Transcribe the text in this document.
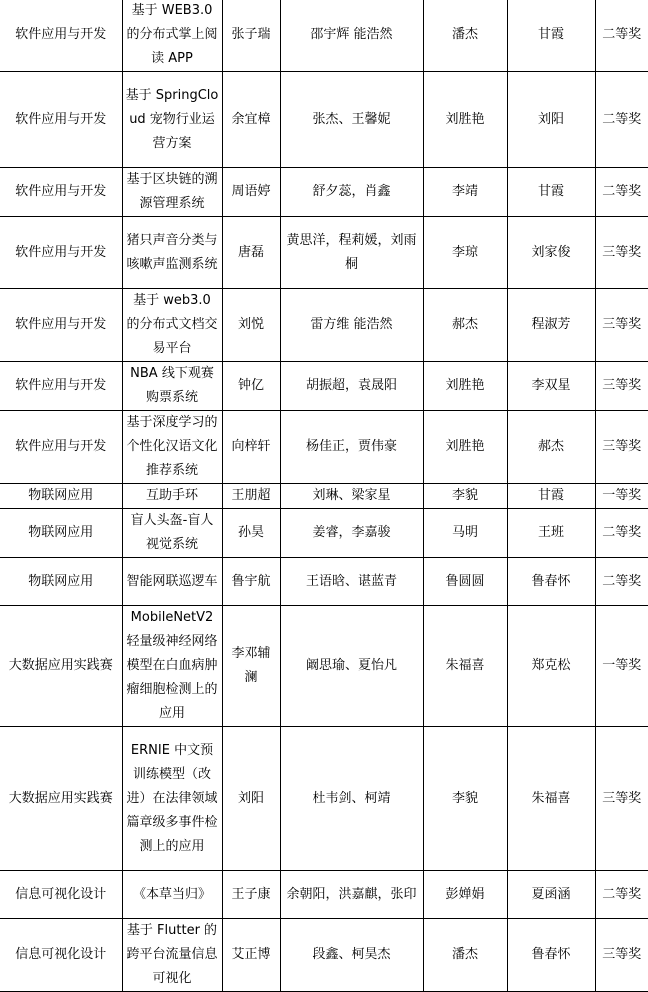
软件应用与开发	基于 WEB3.0 的分布式掌上阅读 APP	张子瑞	邵宇辉 能浩然	潘杰	甘霞	二等奖
软件应用与开发	基于 SpringCloud 宠物行业运营方案	余宜樟	张杰、王馨妮	刘胜艳	刘阳	二等奖
软件应用与开发	基于区块链的溯源管理系统	周语婷	舒夕蕊，肖鑫	李靖	甘霞	二等奖
软件应用与开发	猪只声音分类与咳嗽声监测系统	唐磊	黄思洋，程莉媛，刘雨桐	李琼	刘家俊	三等奖
软件应用与开发	基于 web3.0 的分布式文档交易平台	刘悦	雷方维 能浩然	郝杰	程淑芳	三等奖
软件应用与开发	NBA 线下观赛购票系统	钟亿	胡振超，袁晟阳	刘胜艳	李双星	三等奖
软件应用与开发	基于深度学习的个性化汉语文化推荐系统	向梓轩	杨佳正，贾伟豪	刘胜艳	郝杰	三等奖
物联网应用	互助手环	王朋超	刘琳、梁家星	李貌	甘霞	一等奖
物联网应用	盲人头盔-盲人视觉系统	孙昊	姜睿，李嘉骏	马明	王班	二等奖
物联网应用	智能网联巡逻车	鲁宇航	王语晗、谌蓝青	鲁圆圆	鲁春怀	二等奖
大数据应用实践赛	MobileNetV2 轻量级神经网络模型在白血病肿瘤细胞检测上的应用	李邓辅澜	阚思瑜、夏怡凡	朱福喜	郑克松	一等奖
大数据应用实践赛	ERNIE 中文预训练模型（改进）在法律领域篇章级多事件检测上的应用	刘阳	杜韦剑、柯靖	李貌	朱福喜	三等奖
信息可视化设计	《本草当归》	王子康	余朝阳，洪嘉麒，张印	彭婵娟	夏函涵	二等奖
信息可视化设计	基于 Flutter 的跨平台流量信息可视化	艾正博	段鑫、柯昊杰	潘杰	鲁春怀	三等奖
